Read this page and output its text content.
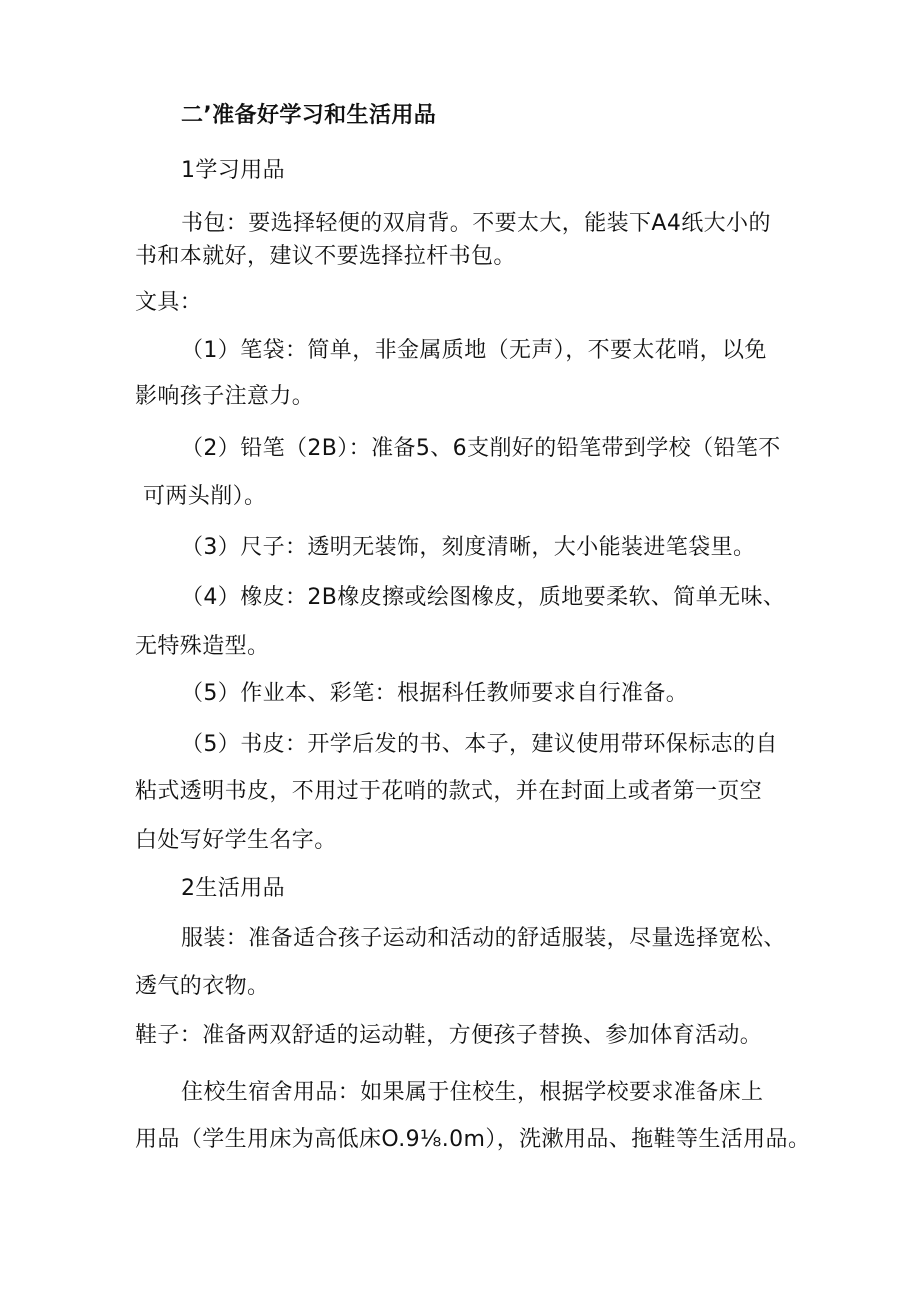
二’准备好学习和生活用品
1学习用品
书包：要选择轻便的双肩背。不要太大，能装下A4纸大小的
书和本就好，建议不要选择拉杆书包。
文具：
（1）笔袋：简单，非金属质地（无声），不要太花哨，以免
影响孩子注意力。
（2）铅笔（2B）：准备5、6支削好的铅笔带到学校（铅笔不
可两头削）。
（3）尺子：透明无装饰，刻度清晰，大小能装进笔袋里。
（4）橡皮：2B橡皮擦或绘图橡皮，质地要柔软、简单无味、
无特殊造型。
（5）作业本、彩笔：根据科任教师要求自行准备。
（5）书皮：开学后发的书、本子，建议使用带环保标志的自
粘式透明书皮，不用过于花哨的款式，并在封面上或者第一页空
白处写好学生名字。
2生活用品
服装：准备适合孩子运动和活动的舒适服装，尽量选择宽松、
透气的衣物。
鞋子：准备两双舒适的运动鞋，方便孩子替换、参加体育活动。
住校生宿舍用品：如果属于住校生，根据学校要求准备床上
用品（学生用床为高低床O.9⅛.0m），洗漱用品、拖鞋等生活用品。
